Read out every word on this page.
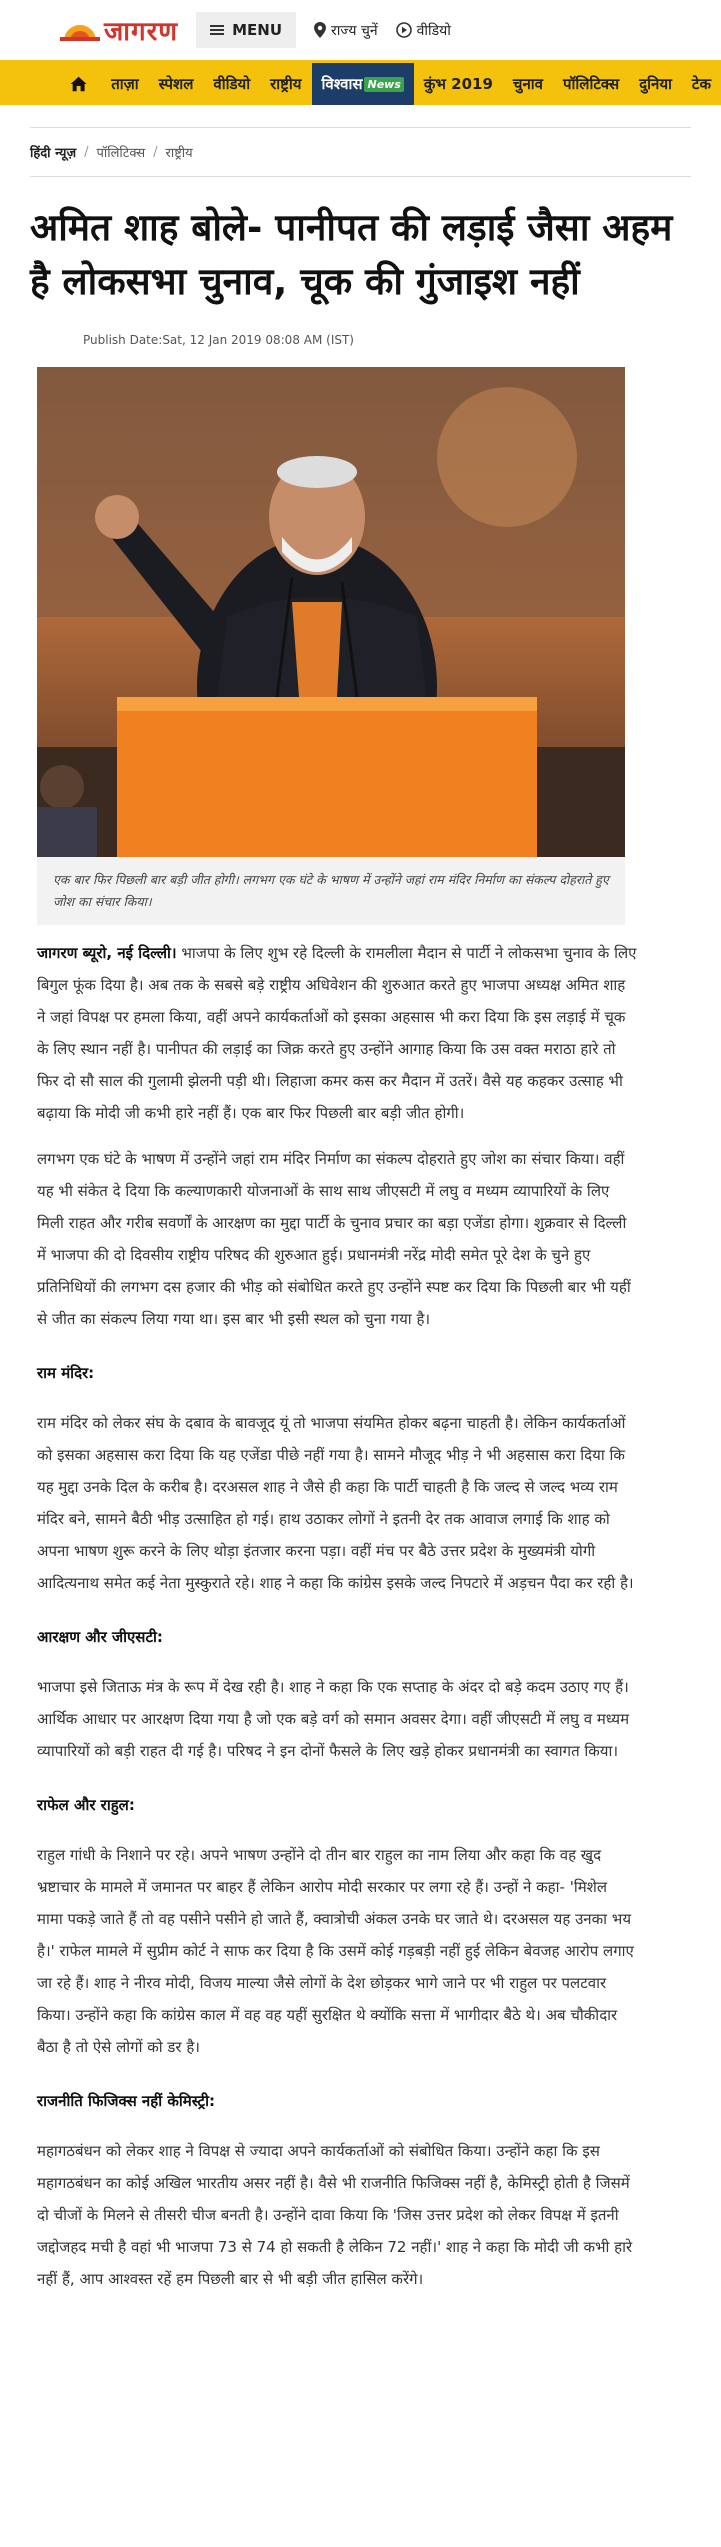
जागरण	MENU	राज्य चुनें	वीडियो
ताज़ा	स्पेशल	वीडियो	राष्ट्रीय	विश्वास News	कुंभ 2019	चुनाव	पॉलिटिक्स	दुनिया	टेक
हिंदी न्यूज़ / पॉलिटिक्स / राष्ट्रीय
अमित शाह बोले- पानीपत की लड़ाई जैसा अहम है लोकसभा चुनाव, चूक की गुंजाइश नहीं
Publish Date:Sat, 12 Jan 2019 08:08 AM (IST)
एक बार फिर पिछली बार बड़ी जीत होगी। लगभग एक घंटे के भाषण में उन्होंने जहां राम मंदिर निर्माण का संकल्प दोहराते हुए जोश का संचार किया।

जागरण ब्यूरो, नई दिल्ली। भाजपा के लिए शुभ रहे दिल्ली के रामलीला मैदान से पार्टी ने लोकसभा चुनाव के लिए बिगुल फूंक दिया है। अब तक के सबसे बड़े राष्ट्रीय अधिवेशन की शुरुआत करते हुए भाजपा अध्यक्ष अमित शाह ने जहां विपक्ष पर हमला किया, वहीं अपने कार्यकर्ताओं को इसका अहसास भी करा दिया कि इस लड़ाई में चूक के लिए स्थान नहीं है। पानीपत की लड़ाई का जिक्र करते हुए उन्होंने आगाह किया कि उस वक्त मराठा हारे तो फिर दो सौ साल की गुलामी झेलनी पड़ी थी। लिहाजा कमर कस कर मैदान में उतरें। वैसे यह कहकर उत्साह भी बढ़ाया कि मोदी जी कभी हारे नहीं हैं। एक बार फिर पिछली बार बड़ी जीत होगी।

लगभग एक घंटे के भाषण में उन्होंने जहां राम मंदिर निर्माण का संकल्प दोहराते हुए जोश का संचार किया। वहीं यह भी संकेत दे दिया कि कल्याणकारी योजनाओं के साथ साथ जीएसटी में लघु व मध्यम व्यापारियों के लिए मिली राहत और गरीब सवर्णों के आरक्षण का मुद्दा पार्टी के चुनाव प्रचार का बड़ा एजेंडा होगा। शुक्रवार से दिल्ली में भाजपा की दो दिवसीय राष्ट्रीय परिषद की शुरुआत हुई। प्रधानमंत्री नरेंद्र मोदी समेत पूरे देश के चुने हुए प्रतिनिधियों की लगभग दस हजार की भीड़ को संबोधित करते हुए उन्होंने स्पष्ट कर दिया कि पिछली बार भी यहीं से जीत का संकल्प लिया गया था। इस बार भी इसी स्थल को चुना गया है।

राम मंदिर:

राम मंदिर को लेकर संघ के दबाव के बावजूद यूं तो भाजपा संयमित होकर बढ़ना चाहती है। लेकिन कार्यकर्ताओं को इसका अहसास करा दिया कि यह एजेंडा पीछे नहीं गया है। सामने मौजूद भीड़ ने भी अहसास करा दिया कि यह मुद्दा उनके दिल के करीब है। दरअसल शाह ने जैसे ही कहा कि पार्टी चाहती है कि जल्द से जल्द भव्य राम मंदिर बने, सामने बैठी भीड़ उत्साहित हो गई। हाथ उठाकर लोगों ने इतनी देर तक आवाज लगाई कि शाह को अपना भाषण शुरू करने के लिए थोड़ा इंतजार करना पड़ा। वहीं मंच पर बैठे उत्तर प्रदेश के मुख्यमंत्री योगी आदित्यनाथ समेत कई नेता मुस्कुराते रहे। शाह ने कहा कि कांग्रेस इसके जल्द निपटारे में अड़चन पैदा कर रही है।

आरक्षण और जीएसटी:

भाजपा इसे जिताऊ मंत्र के रूप में देख रही है। शाह ने कहा कि एक सप्ताह के अंदर दो बड़े कदम उठाए गए हैं। आर्थिक आधार पर आरक्षण दिया गया है जो एक बड़े वर्ग को समान अवसर देगा। वहीं जीएसटी में लघु व मध्यम व्यापारियों को बड़ी राहत दी गई है। परिषद ने इन दोनों फैसले के लिए खड़े होकर प्रधानमंत्री का स्वागत किया।

राफेल और राहुल:

राहुल गांधी के निशाने पर रहे। अपने भाषण उन्होंने दो तीन बार राहुल का नाम लिया और कहा कि वह खुद भ्रष्टाचार के मामले में जमानत पर बाहर हैं लेकिन आरोप मोदी सरकार पर लगा रहे हैं। उन्हों ने कहा- 'मिशेल मामा पकड़े जाते हैं तो वह पसीने पसीने हो जाते हैं, क्वात्रोची अंकल उनके घर जाते थे। दरअसल यह उनका भय है।' राफेल मामले में सुप्रीम कोर्ट ने साफ कर दिया है कि उसमें कोई गड़बड़ी नहीं हुई लेकिन बेवजह आरोप लगाए जा रहे हैं। शाह ने नीरव मोदी, विजय माल्या जैसे लोगों के देश छोड़कर भागे जाने पर भी राहुल पर पलटवार किया। उन्होंने कहा कि कांग्रेस काल में वह वह यहीं सुरक्षित थे क्योंकि सत्ता में भागीदार बैठे थे। अब चौकीदार बैठा है तो ऐसे लोगों को डर है।

राजनीति फिजिक्स नहीं केमिस्ट्री:

महागठबंधन को लेकर शाह ने विपक्ष से ज्यादा अपने कार्यकर्ताओं को संबोधित किया। उन्होंने कहा कि इस महागठबंधन का कोई अखिल भारतीय असर नहीं है। वैसे भी राजनीति फिजिक्स नहीं है, केमिस्ट्री होती है जिसमें दो चीजों के मिलने से तीसरी चीज बनती है। उन्होंने दावा किया कि 'जिस उत्तर प्रदेश को लेकर विपक्ष में इतनी जद्दोजहद मची है वहां भी भाजपा 73 से 74 हो सकती है लेकिन 72 नहीं।' शाह ने कहा कि मोदी जी कभी हारे नहीं हैं, आप आश्वस्त रहें हम पिछली बार से भी बड़ी जीत हासिल करेंगे।
